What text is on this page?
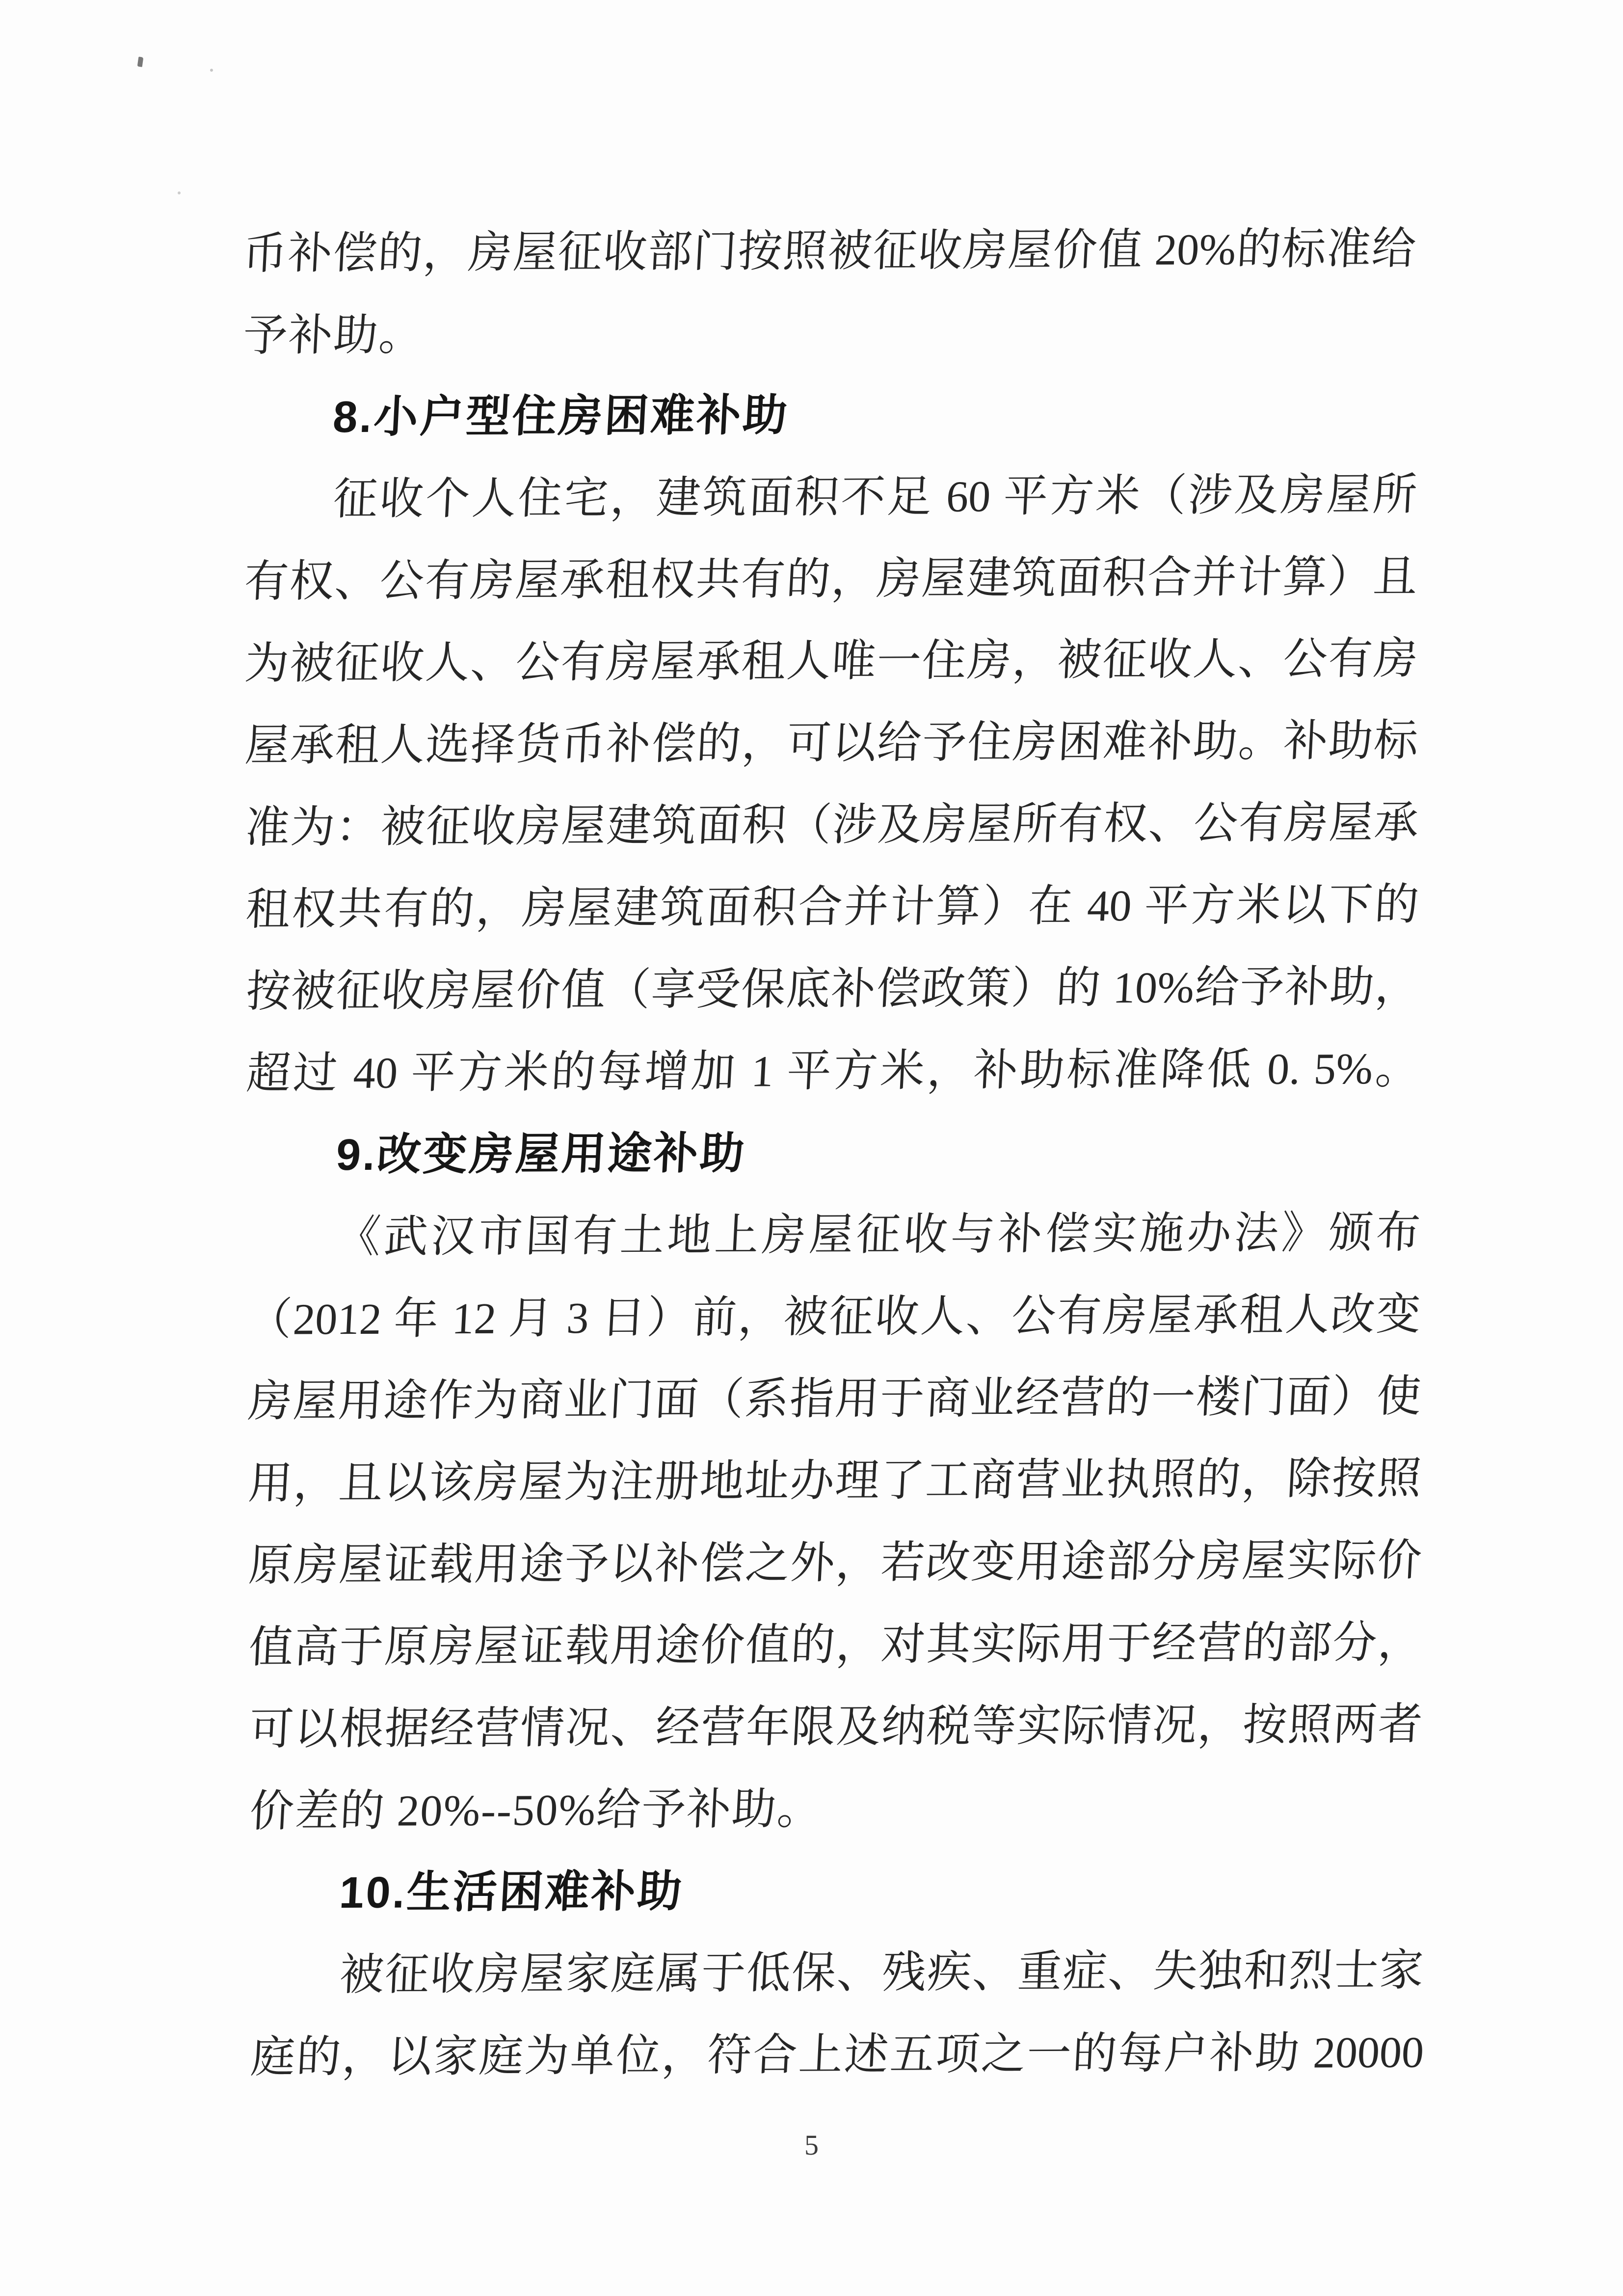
币补偿的，房屋征收部门按照被征收房屋价值 20%的标准给
予补助。
8.小户型住房困难补助
征收个人住宅，建筑面积不足 60 平方米（涉及房屋所
有权、公有房屋承租权共有的，房屋建筑面积合并计算）且
为被征收人、公有房屋承租人唯一住房，被征收人、公有房
屋承租人选择货币补偿的，可以给予住房困难补助。补助标
准为：被征收房屋建筑面积（涉及房屋所有权、公有房屋承
租权共有的，房屋建筑面积合并计算）在 40 平方米以下的
按被征收房屋价值（享受保底补偿政策）的 10%给予补助，
超过 40 平方米的每增加 1 平方米，补助标准降低 0. 5%。
9.改变房屋用途补助
《武汉市国有土地上房屋征收与补偿实施办法》颁布
（2012 年 12 月 3 日）前，被征收人、公有房屋承租人改变
房屋用途作为商业门面（系指用于商业经营的一楼门面）使
用，且以该房屋为注册地址办理了工商营业执照的，除按照
原房屋证载用途予以补偿之外，若改变用途部分房屋实际价
值高于原房屋证载用途价值的，对其实际用于经营的部分，
可以根据经营情况、经营年限及纳税等实际情况，按照两者
价差的 20%--50%给予补助。
10.生活困难补助
被征收房屋家庭属于低保、残疾、重症、失独和烈士家
庭的，以家庭为单位，符合上述五项之一的每户补助 20000
5
